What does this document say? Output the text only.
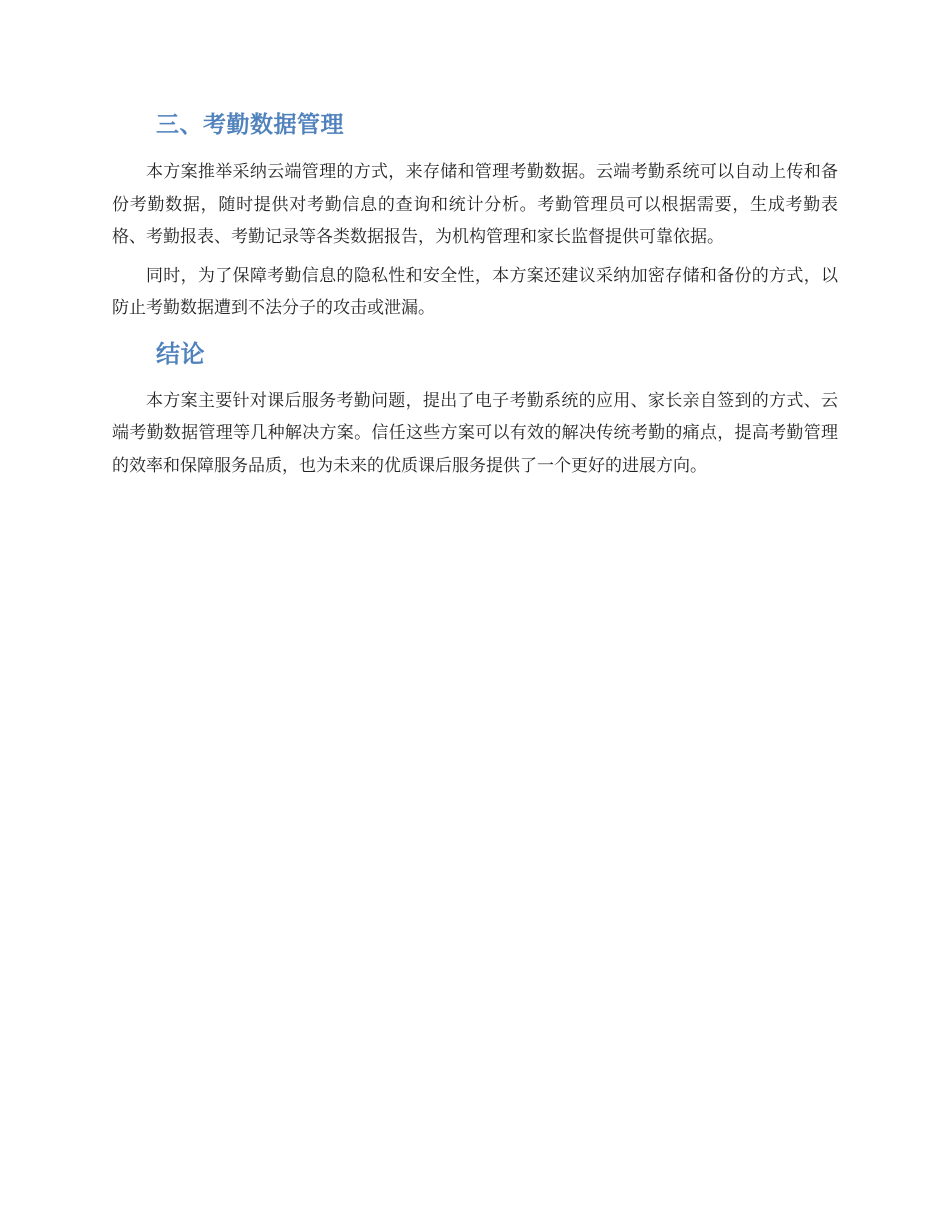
三、考勤数据管理

本方案推举采纳云端管理的方式，来存储和管理考勤数据。云端考勤系统可以自动上传和备份考勤数据，随时提供对考勤信息的查询和统计分析。考勤管理员可以根据需要，生成考勤表格、考勤报表、考勤记录等各类数据报告，为机构管理和家长监督提供可靠依据。

同时，为了保障考勤信息的隐私性和安全性，本方案还建议采纳加密存储和备份的方式，以防止考勤数据遭到不法分子的攻击或泄漏。

结论

本方案主要针对课后服务考勤问题，提出了电子考勤系统的应用、家长亲自签到的方式、云端考勤数据管理等几种解决方案。信任这些方案可以有效的解决传统考勤的痛点，提高考勤管理的效率和保障服务品质，也为未来的优质课后服务提供了一个更好的进展方向。
